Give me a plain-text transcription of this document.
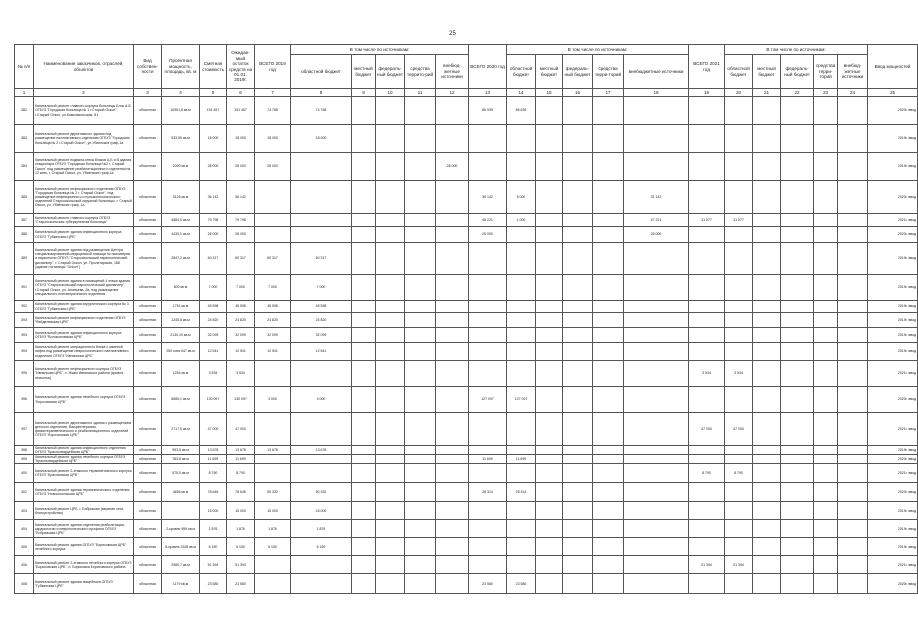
25
№ п/п	Наименование заказчиков, отраслей, объектов	Вид собствен-ности	Проектная мощность, площадь, кв. м	Сметная стоимость	Ожидае-мый остаток средств на 01.01. 2019г.	ВСЕГО 2019 год	В том числе по источникам:					ВСЕГО 2020 год	В том числе по источникам:					ВСЕГО 2021 год	В том числе по источникам:					Ввод мощностей
							областной бюджет	местный бюджет	федераль-ный бюджет	средства террито-рий	внебюд-жетные источники		областной бюджет	местный бюджет	федераль-ный бюджет	средства терри-торий	внебюджетные источники		областной бюджет	местный бюджет	федераль-ный бюджет	средства терри-торий	внебюд-жетные источники	
1	2	3	4	5	6	7	8	9	10	11	12	13	14	15	16	17	18	19	20	21	22	23	24	25
382	Капитальный ремонт главного корпуса больницы Блок А-Б ОГБУЗ "Городская больница № 1 г.Старый Оскол", г.Старый Оскол, ул.Комсомольская, 81	областная	10951,8 кв.м	151 457	151 457	74 768	74 768					86 939	86 639											2020г. ввод
383	Капитальный ремонт двухэтажного здания под размещение паллиативного отделения ОГБУЗ "Городская больница № 2 г.Старый Оскол", ул.Убиенских граф,1а	областная	533,59 кв.м	18 000	18 000	18 000	18 000																	2019г. ввод
384	Капитальный ремонт подвала отека блоков А,Б и В здания стационара ОГБУЗ "Городская больница №2 г. Старый Оскол" под размещение реабилитационного отделения на 12 коек, г. Старый Оскол, ул. Убиенских граф,1а	областная	2090 кв.м	28 000	28 000	28 000					28 000													2019г. ввод
385	Капитальный ремонт инфекционного отделения ОГБУЗ "Городская больница № 2 г. Старый Оскол", под размещение инфекционного и пульмонологического отделений Старооскольской окружной больницы, г. Старый Оскол, ул. Убиенских граф, 1а	областная	3126 кв.м	36 142	36 142							36 142	5 000				31 142							2020г. ввод
387	Капитальный ремонт главного корпуса ОГБУЗ "Старооскольская туберкулезная больница"	областная	4684,0 кв.м	79 798	79 798							48 221	1 000				47 221	31 577	31 577					2021г. ввод
388	Капитальный ремонт здания инфекционного корпуса ОГБУЗ "Губкинская ЦРБ"	областная	4439,0 кв.м	26 000	26 000							26 000					26 000							2020г. ввод
389	Капитальный ремонт здания под размещение Центра специализированной медицинской помощи по психиатрии и наркологии ОГБУЗ "Старооскольский наркологический диспансер", г. Старый Оскол, ул. Пролетарская, 188 (здание гостиницы "Оскол")	областная	2847,2 кв.м	60 317	60 317	60 317	60 317																	2019г. ввод
391	Капитальный ремонт здания в помещений 4 этажа здания ОГБУЗ "Старооскольский наркологический диспансер", г.Старый Оскол, ул. Ананьева, 2в, под размещение специального психиатрического отделения	областная	600 кв.м	7 000	7 000	7 000	7 000																	2019г. ввод
392	Капитальный ремонт здания хирургического корпуса № 3 ОГБУЗ "Губкинская ЦРБ"	областная	1751 кв.м	45 598	45 598	45 598	45 598																	2019г. ввод
393	Капитальный ремонт инфекционного отделения ОГБУЗ "Вейделевская ЦРБ"	областная	1245,8 кв.м	24 820	24 820	24 820	24 820																	2019г. ввод
393	Капитальный ремонт здания инфекционного корпуса ОГБУЗ "Волоконовская ЦРБ"	областная	2130,19 кв.м	32 099	32 099	32 099	32 099																	2019г. ввод
394	Капитальный ремонт операционного блока с заменой лифта под размещение неврологического паллиативного отделения ОГБУЗ "Ивнянская ЦРБ"	областная	250 коек 647 кв.м	12 541	12 541	12 541	12 541																	2019г. ввод
395	Капитальный ремонт инфекционного корпуса ОГБУЗ "Ивнянская ЦРБ", с. Жаво Ивнянского района (кровля, отмостка)	областная	1254 кв.м	3 534	3 534													3 534	3 534					2021г. ввод
396	Капитальный ремонт здания лечебного корпуса ОГБУЗ "Корочанская ЦРБ"	областная	6685,1 кв.м	130 097	130 097	3 000	3 000					127 097	127 097											2020г. ввод
397	Капитальный ремонт двухэтажного здания с размещением детского отделения, Вакцинотерапии, физиотерапевтического и реабилитационного отделений ОГБУЗ "Корочанская ЦРБ"	областная	2717,6 кв.м	47 000	47 000													47 000	47 000					2021г. ввод
398	Капитальный ремонт здания инфекционного отделения ОГБУЗ "Красногвардейская ЦРБ"	областная	953,5 кв.м	13 678	13 678	13 678	13 678																	2019г. ввод
399	Капитальный ремонт здания лечебного корпуса ОГБУЗ "Красногвардейская ЦРБ"	областная	783,8 кв.м	11 699	11 699							11 699	11 699											2020г. ввод
400	Капитальный ремонт 2-этажного терапевтического корпуса ОГБУЗ "Краснянская ЦРБ"	областная	575,5 кв.м	8 790	8 790													8 790	8 790					2021г. ввод
402	Капитальный ремонт здания терапевтического отделения ОГБУЗ "Новооскольская ЦРБ"	областная	4656 кв.м	78 646	78 646	50 332	50 332					28 314	28 314											2020г. ввод
403	Капитальный ремонт ЦРБ, г. Бобриково (верхние сети, благоустройство)	областная		15 000	15 000	15 000	15 000																	2019г. ввод
404	Капитальный ремонт здания отделения реабилитации, кардиологии и неврологического профиля ОГБУЗ "Бобровская ЦРБ"	областная	2-кровли 959 кв.м	1 876	1 876	1 876	1 876																	2019г. ввод
405	Капитальный ремонт здания ОГБУЗ "Борисовская ЦРБ" лечебного корпуса	областная	5-кровля 2208 кв.м	6 150	6 150	6 150	6 150																	2019г. ввод
406	Капитальный ремонт 2-этажного лечебного корпуса ОГБУЗ "Борисовская ЦРБ", п. Борисовка Борисовского района	областная	2980,7 кв.м	51 394	51 394													51 394	51 394					2021г. ввод
408	Капитальный ремонт здания пищеблока ОГБУЗ "Губкинская ЦРБ"	областная	1179 кв.м	23 580	23 580							23 580	23 580											2020г. ввод
